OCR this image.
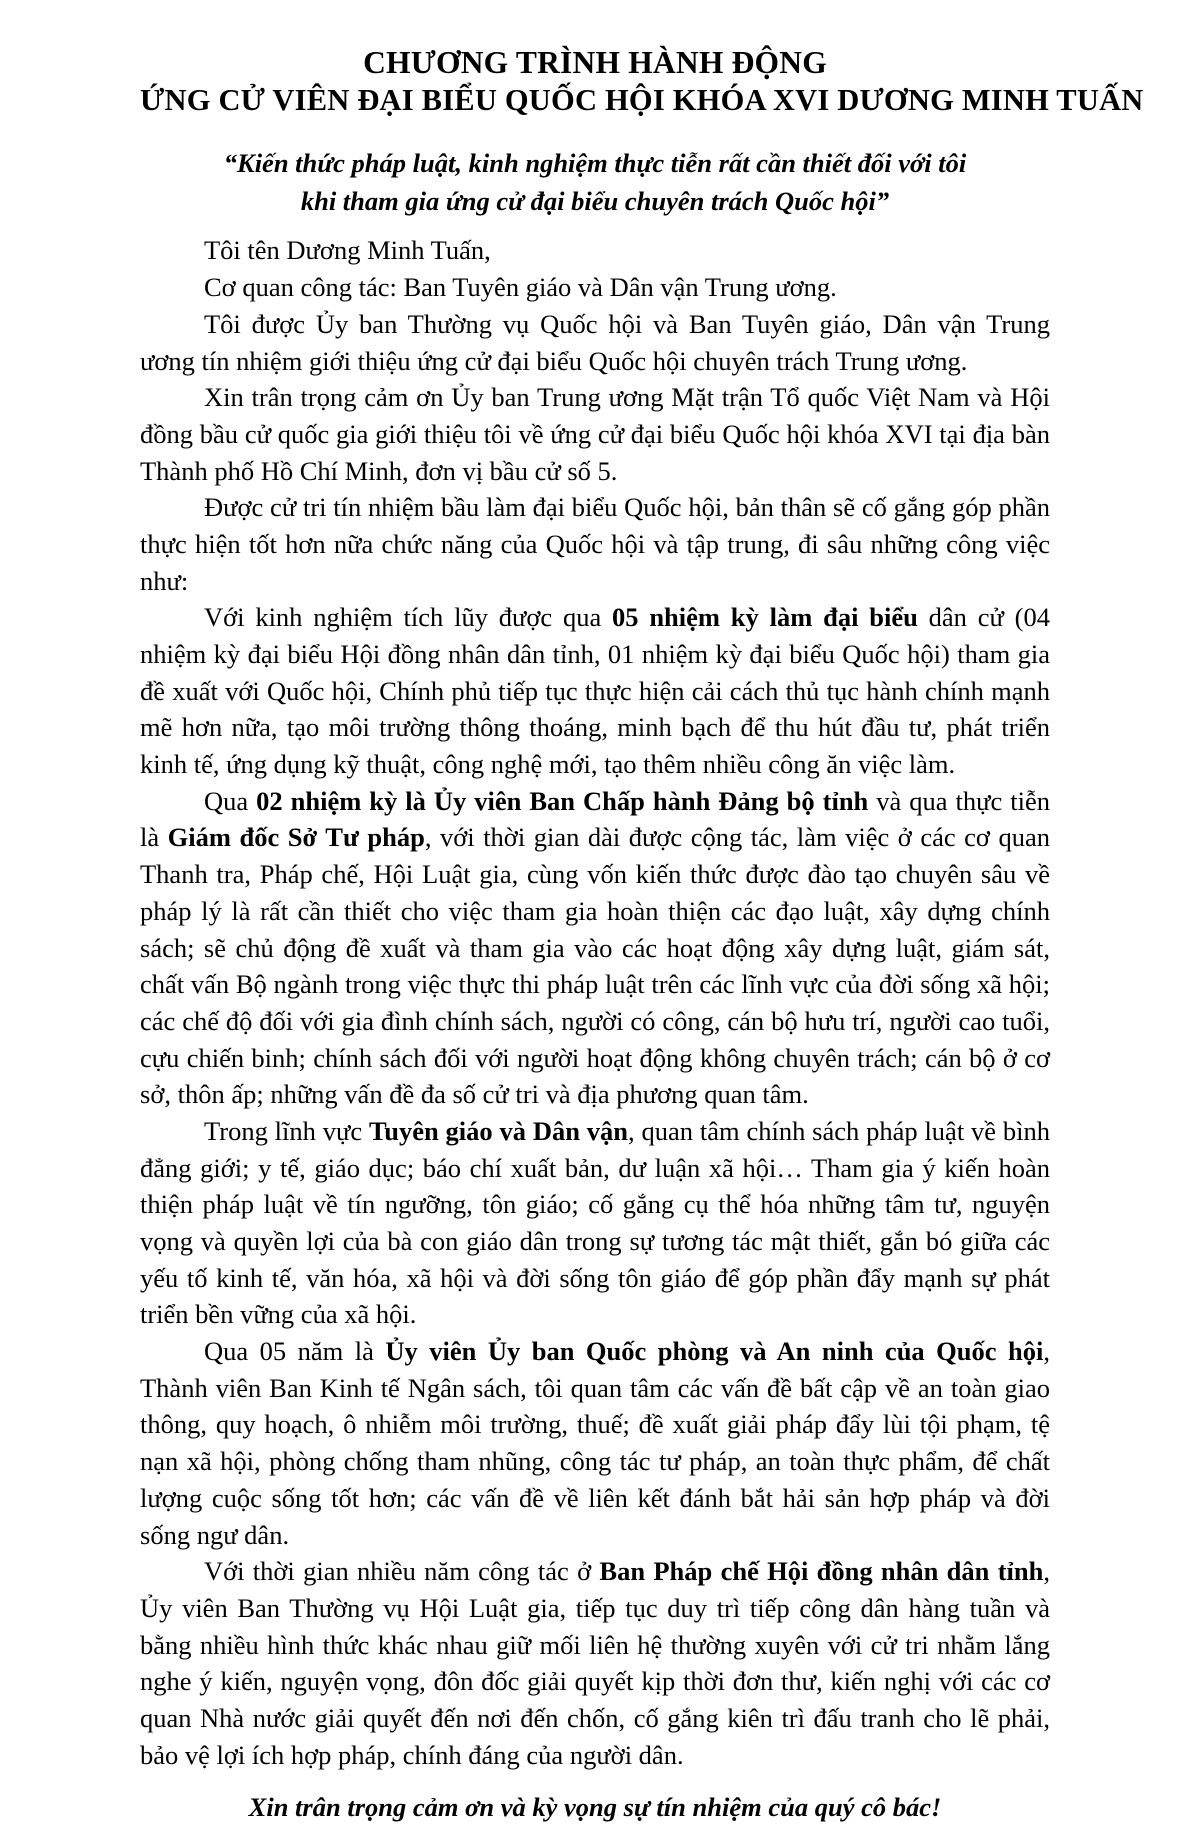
CHƯƠNG TRÌNH HÀNH ĐỘNG
ỨNG CỬ VIÊN ĐẠI BIỂU QUỐC HỘI KHÓA XVI DƯƠNG MINH TUẤN
“Kiến thức pháp luật, kinh nghiệm thực tiễn rất cần thiết đối với tôi
khi tham gia ứng cử đại biểu chuyên trách Quốc hội”

Tôi tên Dương Minh Tuấn,

Cơ quan công tác: Ban Tuyên giáo và Dân vận Trung ương.

Tôi được Ủy ban Thường vụ Quốc hội và Ban Tuyên giáo, Dân vận Trung ương tín nhiệm giới thiệu ứng cử đại biểu Quốc hội chuyên trách Trung ương.

Xin trân trọng cảm ơn Ủy ban Trung ương Mặt trận Tổ quốc Việt Nam và Hội đồng bầu cử quốc gia giới thiệu tôi về ứng cử đại biểu Quốc hội khóa XVI tại địa bàn Thành phố Hồ Chí Minh, đơn vị bầu cử số 5.

Được cử tri tín nhiệm bầu làm đại biểu Quốc hội, bản thân sẽ cố gắng góp phần thực hiện tốt hơn nữa chức năng của Quốc hội và tập trung, đi sâu những công việc như:

Với kinh nghiệm tích lũy được qua 05 nhiệm kỳ làm đại biểu dân cử (04 nhiệm kỳ đại biểu Hội đồng nhân dân tỉnh, 01 nhiệm kỳ đại biểu Quốc hội) tham gia đề xuất với Quốc hội, Chính phủ tiếp tục thực hiện cải cách thủ tục hành chính mạnh mẽ hơn nữa, tạo môi trường thông thoáng, minh bạch để thu hút đầu tư, phát triển kinh tế, ứng dụng kỹ thuật, công nghệ mới, tạo thêm nhiều công ăn việc làm.

Qua 02 nhiệm kỳ là Ủy viên Ban Chấp hành Đảng bộ tỉnh và qua thực tiễn là Giám đốc Sở Tư pháp, với thời gian dài được cộng tác, làm việc ở các cơ quan Thanh tra, Pháp chế, Hội Luật gia, cùng vốn kiến thức được đào tạo chuyên sâu về pháp lý là rất cần thiết cho việc tham gia hoàn thiện các đạo luật, xây dựng chính sách; sẽ chủ động đề xuất và tham gia vào các hoạt động xây dựng luật, giám sát, chất vấn Bộ ngành trong việc thực thi pháp luật trên các lĩnh vực của đời sống xã hội; các chế độ đối với gia đình chính sách, người có công, cán bộ hưu trí, người cao tuổi, cựu chiến binh; chính sách đối với người hoạt động không chuyên trách; cán bộ ở cơ sở, thôn ấp; những vấn đề đa số cử tri và địa phương quan tâm.

Trong lĩnh vực Tuyên giáo và Dân vận, quan tâm chính sách pháp luật về bình đẳng giới; y tế, giáo dục; báo chí xuất bản, dư luận xã hội… Tham gia ý kiến hoàn thiện pháp luật về tín ngưỡng, tôn giáo; cố gắng cụ thể hóa những tâm tư, nguyện vọng và quyền lợi của bà con giáo dân trong sự tương tác mật thiết, gắn bó giữa các yếu tố kinh tế, văn hóa, xã hội và đời sống tôn giáo để góp phần đẩy mạnh sự phát triển bền vững của xã hội.

Qua 05 năm là Ủy viên Ủy ban Quốc phòng và An ninh của Quốc hội, Thành viên Ban Kinh tế Ngân sách, tôi quan tâm các vấn đề bất cập về an toàn giao thông, quy hoạch, ô nhiễm môi trường, thuế; đề xuất giải pháp đẩy lùi tội phạm, tệ nạn xã hội, phòng chống tham nhũng, công tác tư pháp, an toàn thực phẩm, để chất lượng cuộc sống tốt hơn; các vấn đề về liên kết đánh bắt hải sản hợp pháp và đời sống ngư dân.

Với thời gian nhiều năm công tác ở Ban Pháp chế Hội đồng nhân dân tỉnh, Ủy viên Ban Thường vụ Hội Luật gia, tiếp tục duy trì tiếp công dân hàng tuần và bằng nhiều hình thức khác nhau giữ mối liên hệ thường xuyên với cử tri nhằm lắng nghe ý kiến, nguyện vọng, đôn đốc giải quyết kịp thời đơn thư, kiến nghị với các cơ quan Nhà nước giải quyết đến nơi đến chốn, cố gắng kiên trì đấu tranh cho lẽ phải, bảo vệ lợi ích hợp pháp, chính đáng của người dân.

Xin trân trọng cảm ơn và kỳ vọng sự tín nhiệm của quý cô bác!
